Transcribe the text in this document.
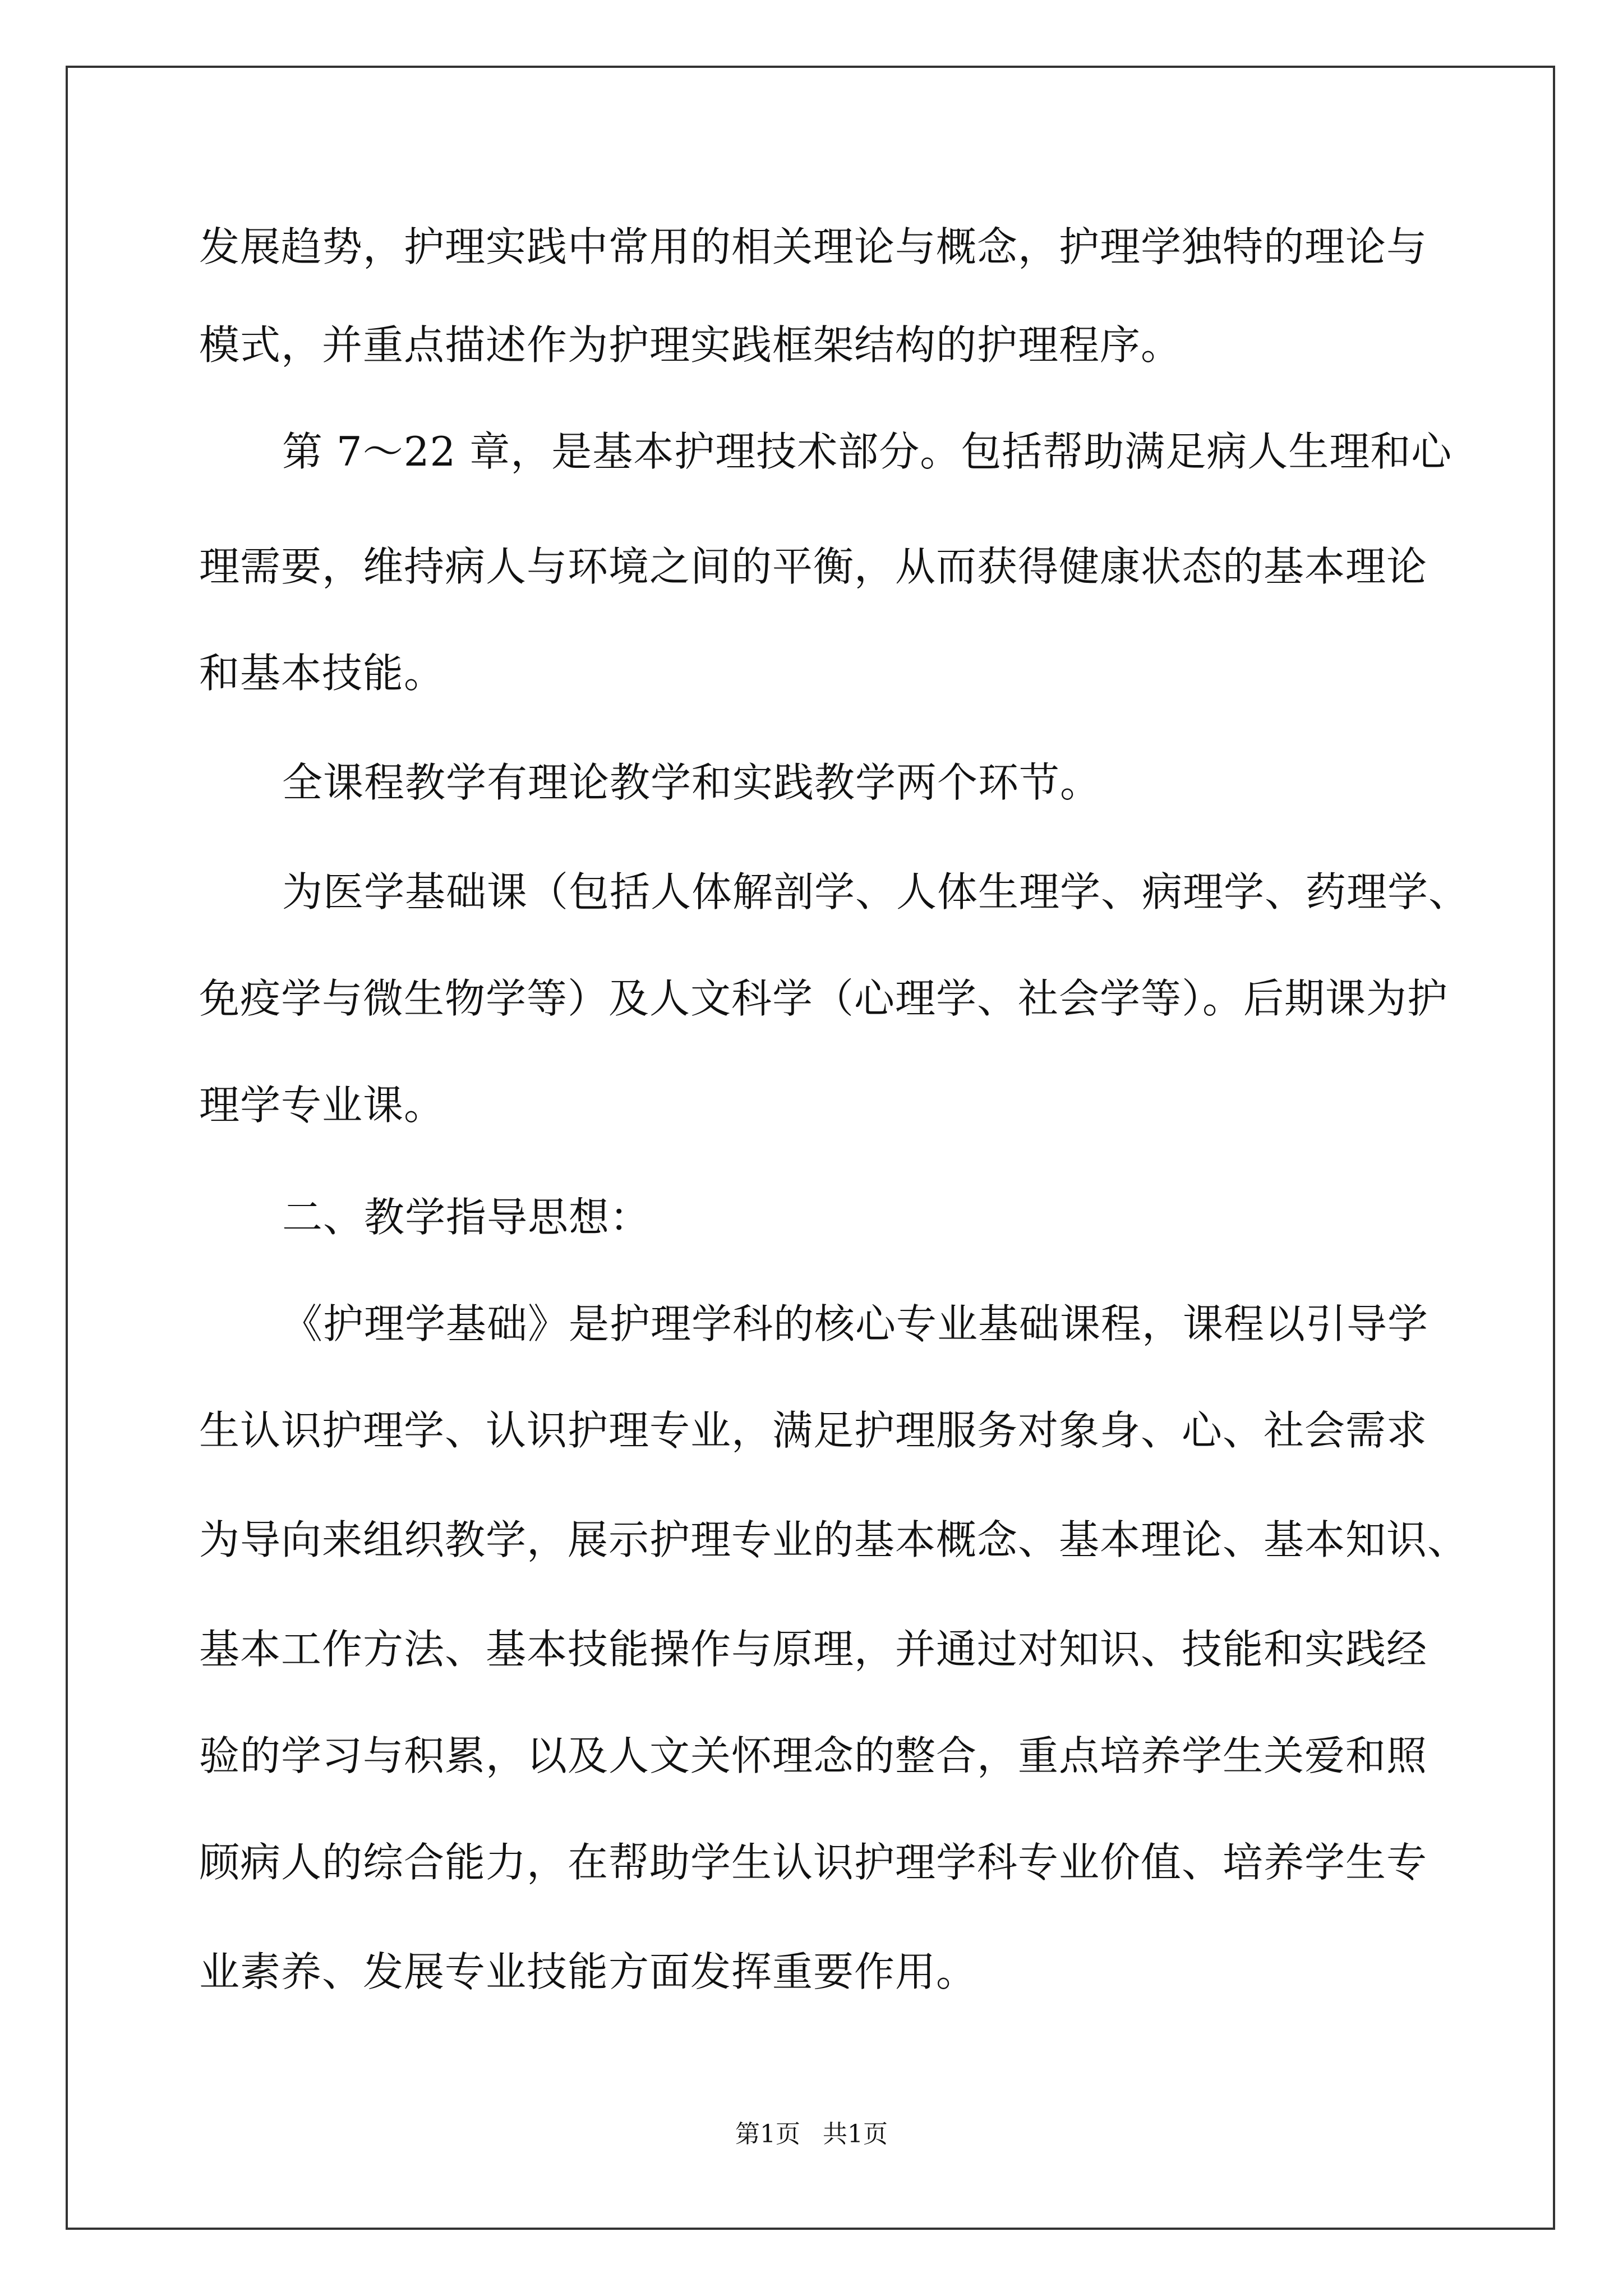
发展趋势，护理实践中常用的相关理论与概念，护理学独特的理论与
模式，并重点描述作为护理实践框架结构的护理程序。
第 7～22 章，是基本护理技术部分。包括帮助满足病人生理和心
理需要，维持病人与环境之间的平衡，从而获得健康状态的基本理论
和基本技能。
全课程教学有理论教学和实践教学两个环节。
为医学基础课（包括人体解剖学、人体生理学、病理学、药理学、
免疫学与微生物学等）及人文科学（心理学、社会学等）。后期课为护
理学专业课。
二、教学指导思想：
《护理学基础》是护理学科的核心专业基础课程，课程以引导学
生认识护理学、认识护理专业，满足护理服务对象身、心、社会需求
为导向来组织教学，展示护理专业的基本概念、基本理论、基本知识、
基本工作方法、基本技能操作与原理，并通过对知识、技能和实践经
验的学习与积累，以及人文关怀理念的整合，重点培养学生关爱和照
顾病人的综合能力，在帮助学生认识护理学科专业价值、培养学生专
业素养、发展专业技能方面发挥重要作用。
第1页 共1页
